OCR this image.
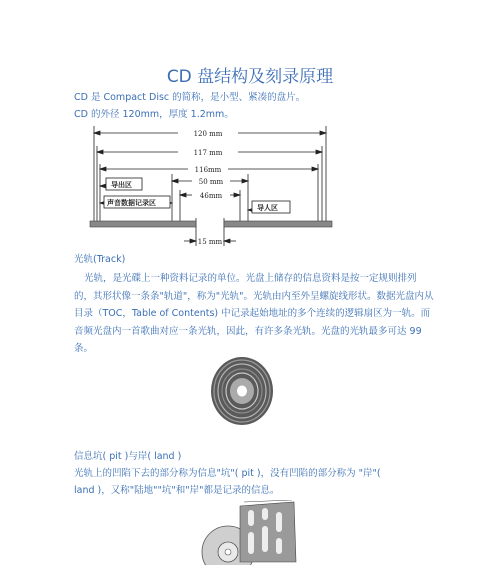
CD 盘结构及刻录原理
CD 是 Compact Disc 的简称，是小型、紧凑的盘片。
CD 的外径 120mm，厚度 1.2mm。
120 mm
117 mm
116mm
50 mm
46mm
15 mm
导出区
声音数据记录区
导人区
光轨(Track)
光轨，是光碟上一种资料记录的单位。光盘上储存的信息资料是按一定规则排列的，其形状像一条条"轨道"，称为"光轨"。光轨由内至外呈螺旋线形状。数据光盘内从目录（TOC，Table of Contents) 中记录起始地址的多个连续的逻辑扇区为一轨。而音频光盘内一首歌曲对应一条光轨，因此，有许多条光轨。光盘的光轨最多可达 99 条。
信息坑( pit )与岸( land )
光轨上的凹陷下去的部分称为信息"坑"( pit )，没有凹陷的部分称为 "岸"(
land )，又称"陆地""坑"和"岸"都是记录的信息。
